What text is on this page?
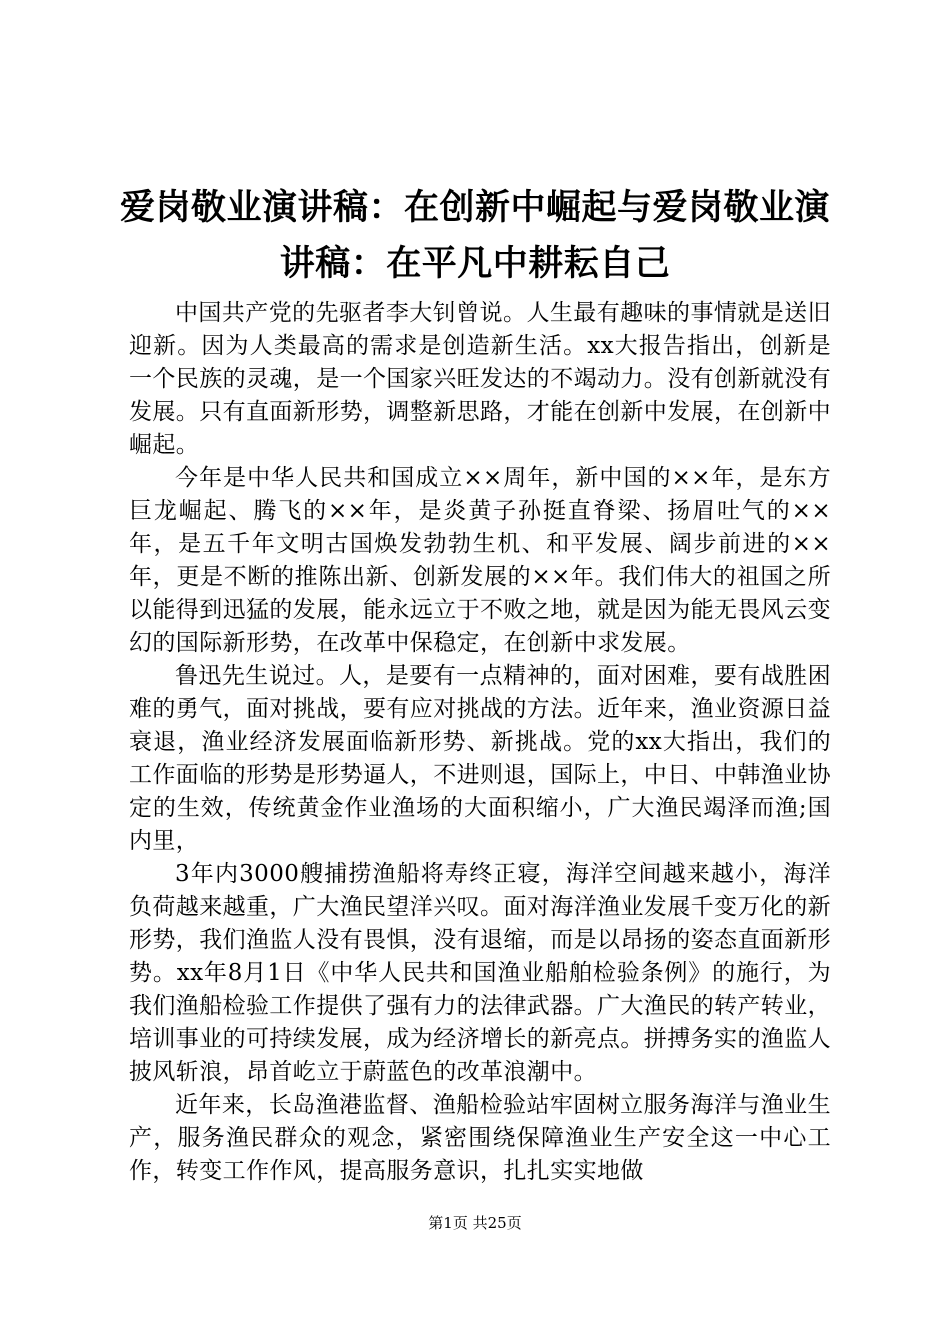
爱岗敬业演讲稿：在创新中崛起与爱岗敬业演讲稿：在平凡中耕耘自己

中国共产党的先驱者李大钊曾说。人生最有趣味的事情就是送旧迎新。因为人类最高的需求是创造新生活。xx大报告指出，创新是一个民族的灵魂，是一个国家兴旺发达的不竭动力。没有创新就没有发展。只有直面新形势，调整新思路，才能在创新中发展，在创新中崛起。

今年是中华人民共和国成立××周年，新中国的××年，是东方巨龙崛起、腾飞的××年，是炎黄子孙挺直脊梁、扬眉吐气的××年，是五千年文明古国焕发勃勃生机、和平发展、阔步前进的××年，更是不断的推陈出新、创新发展的××年。我们伟大的祖国之所以能得到迅猛的发展，能永远立于不败之地，就是因为能无畏风云变幻的国际新形势，在改革中保稳定，在创新中求发展。

鲁迅先生说过。人，是要有一点精神的，面对困难，要有战胜困难的勇气，面对挑战，要有应对挑战的方法。近年来，渔业资源日益衰退，渔业经济发展面临新形势、新挑战。党的xx大指出，我们的工作面临的形势是形势逼人，不进则退，国际上，中日、中韩渔业协定的生效，传统黄金作业渔场的大面积缩小，广大渔民竭泽而渔;国内里，

3年内3000艘捕捞渔船将寿终正寝，海洋空间越来越小，海洋负荷越来越重，广大渔民望洋兴叹。面对海洋渔业发展千变万化的新形势，我们渔监人没有畏惧，没有退缩，而是以昂扬的姿态直面新形势。xx年8月1日《中华人民共和国渔业船舶检验条例》的施行，为我们渔船检验工作提供了强有力的法律武器。广大渔民的转产转业，培训事业的可持续发展，成为经济增长的新亮点。拼搏务实的渔监人披风斩浪，昂首屹立于蔚蓝色的改革浪潮中。

近年来，长岛渔港监督、渔船检验站牢固树立服务海洋与渔业生产，服务渔民群众的观念，紧密围绕保障渔业生产安全这一中心工作，转变工作作风，提高服务意识，扎扎实实地做

第1页 共25页
